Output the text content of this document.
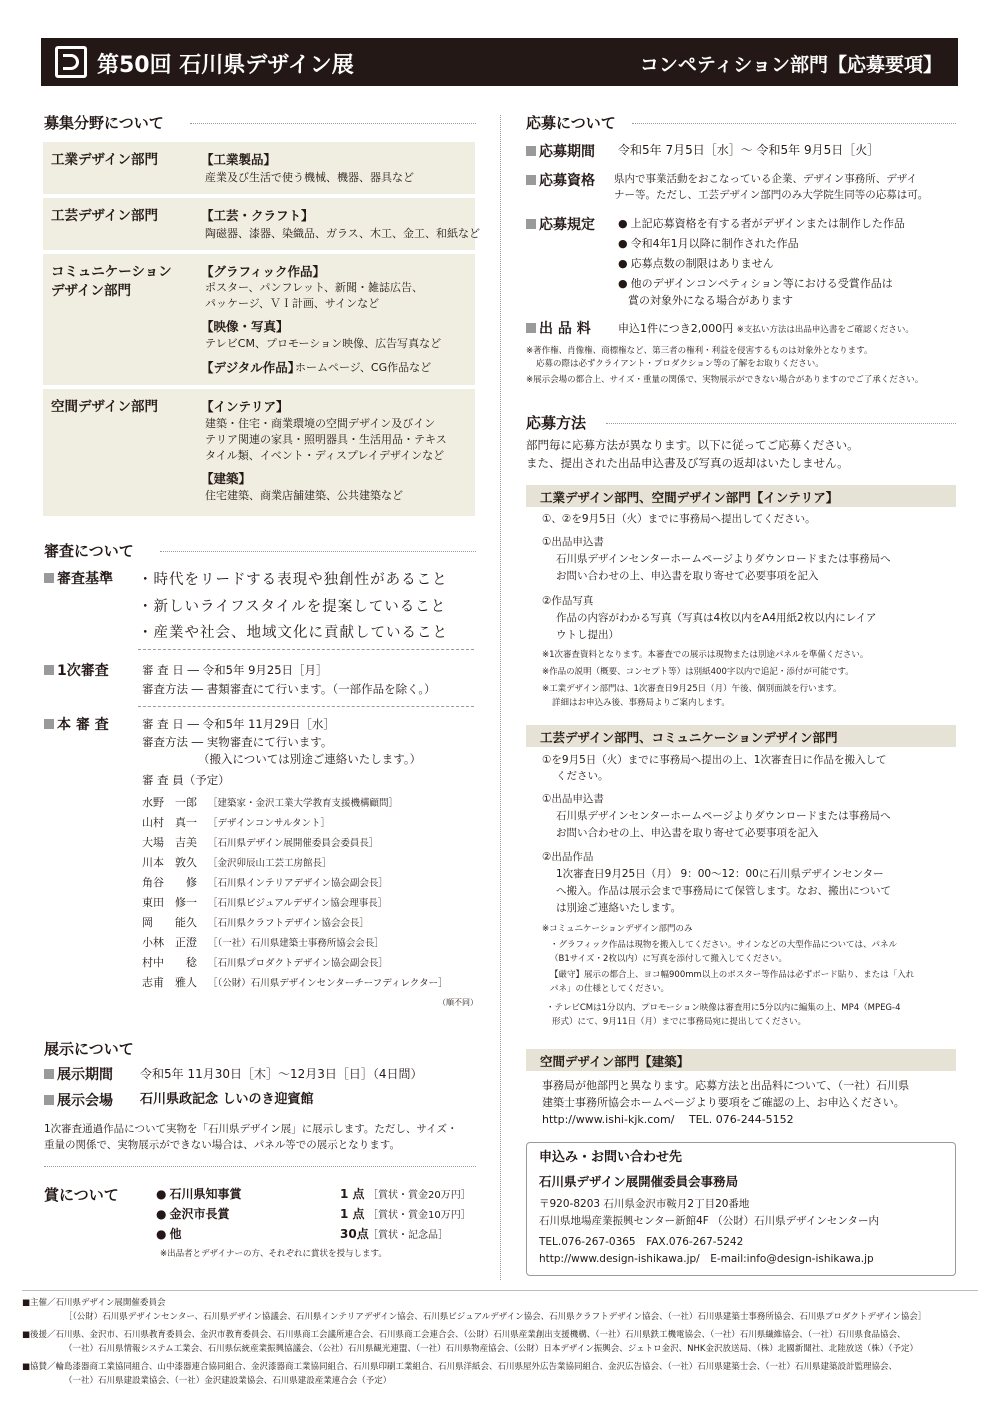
第50回 石川県デザイン展	コンペティション部門【応募要項】
募集分野について
工業デザイン部門	【工業製品】
産業及び生活で使う機械、機器、器具など
工芸デザイン部門	【工芸・クラフト】
陶磁器、漆器、染織品、ガラス、木工、金工、和紙など
コミュニケーション
デザイン部門
【グラフィック作品】
ポスター、パンフレット、新聞・雑誌広告、
パッケージ、ＶＩ計画、サインなど
【映像・写真】
テレビCM、プロモーション映像、広告写真など
【デジタル作品】
ホームページ、CG作品など
空間デザイン部門	【インテリア】
建築・住宅・商業環境の空間デザイン及びイン
テリア関連の家具・照明器具・生活用品・テキス
タイル類、イベント・ディスプレイデザインなど
【建築】
住宅建築、商業店舗建築、公共建築など
審査について
審査基準 ・時代をリードする表現や独創性があること
・新しいライフスタイルを提案していること
・産業や社会、地域文化に貢献していること
1次審査	審 査 日 ― 令和5年 9月25日［月］
審査方法 ― 書類審査にて行います。（一部作品を除く。）
本 審 査	審 査 日 ― 令和5年 11月29日［水］
審査方法 ― 実物審査にて行います。
（搬入については別途ご連絡いたします。）
審 査 員（予定）
水野　一郎 ［建築家・金沢工業大学教育支援機構顧問］
山村　真一 ［デザインコンサルタント］
大場　吉美 ［石川県デザイン展開催委員会委員長］
川本　敦久 ［金沢卯辰山工芸工房館長］
角谷　　修 ［石川県インテリアデザイン協会副会長］
東田　修一 ［石川県ビジュアルデザイン協会理事長］
岡　　能久 ［石川県クラフトデザイン協会会長］
小林　正澄 ［（一社）石川県建築士事務所協会会長］
村中　　稔 ［石川県プロダクトデザイン協会副会長］
志甫　雅人 ［（公財）石川県デザインセンターチーフディレクター］
（順不同）
展示について
展示期間 令和5年 11月30日［木］〜12月3日［日］（4日間）
展示会場 石川県政記念 しいのき迎賓館
1次審査通過作品について実物を「石川県デザイン展」に展示します。ただし、サイズ・
重量の関係で、実物展示ができない場合は、パネル等での展示となります。
賞について	● 石川県知事賞	1 点 ［賞状・賞金20万円］
● 金沢市長賞	1 点 ［賞状・賞金10万円］
● 他	30点 ［賞状・記念品］
※出品者とデザイナーの方、それぞれに賞状を授与します。
応募について
応募期間 令和5年 7月5日［水］〜 令和5年 9月5日［火］
応募資格 県内で事業活動をおこなっている企業、デザイン事務所、デザイ
ナー等。ただし、工芸デザイン部門のみ大学院生同等の応募は可。
応募規定	● 上記応募資格を有する者がデザインまたは制作した作品
● 令和4年1月以降に制作された作品
● 応募点数の制限はありません
● 他のデザインコンペティション等における受賞作品は
賞の対象外になる場合があります
出 品 料 申込1件につき2,000円 ※支払い方法は出品申込書をご確認ください。
※著作権、肖像権、商標権など、第三者の権利・利益を侵害するものは対象外となります。
応募の際は必ずクライアント・プロダクション等の了解をお取りください。
※展示会場の都合上、サイズ・重量の関係で、実物展示ができない場合がありますのでご了承ください。
応募方法
部門毎に応募方法が異なります。以下に従ってご応募ください。
また、提出された出品申込書及び写真の返却はいたしません。
工業デザイン部門、空間デザイン部門【インテリア】
①、②を9月5日（火）までに事務局へ提出してください。
①出品申込書
石川県デザインセンターホームページよりダウンロードまたは事務局へ
お問い合わせの上、申込書を取り寄せて必要事項を記入
②作品写真
作品の内容がわかる写真（写真は4枚以内をA4用紙2枚以内にレイア
ウトし提出）
※1次審査資料となります。本審査での展示は現物または別途パネルを準備ください。
※作品の説明（概要、コンセプト等）は別紙400字以内で追記・添付が可能です。
※工業デザイン部門は、1次審査日9月25日（月）午後、個別面談を行います。
詳細はお申込み後、事務局よりご案内します。
工芸デザイン部門、コミュニケーションデザイン部門
①を9月5日（火）までに事務局へ提出の上、1次審査日に作品を搬入して
ください。
①出品申込書
石川県デザインセンターホームページよりダウンロードまたは事務局へ
お問い合わせの上、申込書を取り寄せて必要事項を記入
②出品作品
1次審査日9月25日（月） 9：00〜12：00に石川県デザインセンター
へ搬入。作品は展示会まで事務局にて保管します。なお、搬出について
は別途ご連絡いたします。
※コミュニケーションデザイン部門のみ
・グラフィック作品は現物を搬入してください。サインなどの大型作品については、パネル
（B1サイズ・2枚以内）に写真を添付して搬入してください。
【厳守】展示の都合上、ヨコ幅900mm以上のポスター等作品は必ずボード貼り、または「入れ
パネ」の仕様としてください。
・テレビCMは1分以内、プロモーション映像は審査用に5分以内に編集の上、MP4（MPEG-4
形式）にて、9月11日（月）までに事務局宛に提出してください。
空間デザイン部門【建築】
事務局が他部門と異なります。応募方法と出品料について、（一社）石川県
建築士事務所協会ホームページより要項をご確認の上、お申込ください。
http://www.ishi-kjk.com/　 TEL. 076-244-5152
申込み・お問い合わせ先
石川県デザイン展開催委員会事務局
〒920-8203 石川県金沢市鞍月2丁目20番地
石川県地場産業振興センター新館4F （公財）石川県デザインセンター内
TEL.076-267-0365　FAX.076-267-5242
http://www.design-ishikawa.jp/　E-mail:info@design-ishikawa.jp
■主催／石川県デザイン展開催委員会
［（公財）石川県デザインセンター、石川県デザイン協議会、石川県インテリアデザイン協会、石川県ビジュアルデザイン協会、石川県クラフトデザイン協会、（一社）石川県建築士事務所協会、石川県プロダクトデザイン協会］
■後援／石川県、金沢市、石川県教育委員会、金沢市教育委員会、石川県商工会議所連合会、石川県商工会連合会、（公財）石川県産業創出支援機構、（一社）石川県鉄工機電協会、（一社）石川県繊維協会、（一社）石川県食品協会、
（一社）石川県情報システム工業会、石川県伝統産業振興協議会、（公社）石川県観光連盟、（一社）石川県物産協会、（公財）日本デザイン振興会、ジェトロ金沢、NHK金沢放送局、（株）北國新聞社、北陸放送（株）（予定）
■協賛／輪島漆器商工業協同組合、山中漆器連合協同組合、金沢漆器商工業協同組合、石川県印刷工業組合、石川県洋紙会、石川県屋外広告業協同組合、金沢広告協会、（一社）石川県建築士会、（一社）石川県建築設計監理協会、
（一社）石川県建設業協会、（一社）金沢建設業協会、石川県建設産業連合会（予定）
